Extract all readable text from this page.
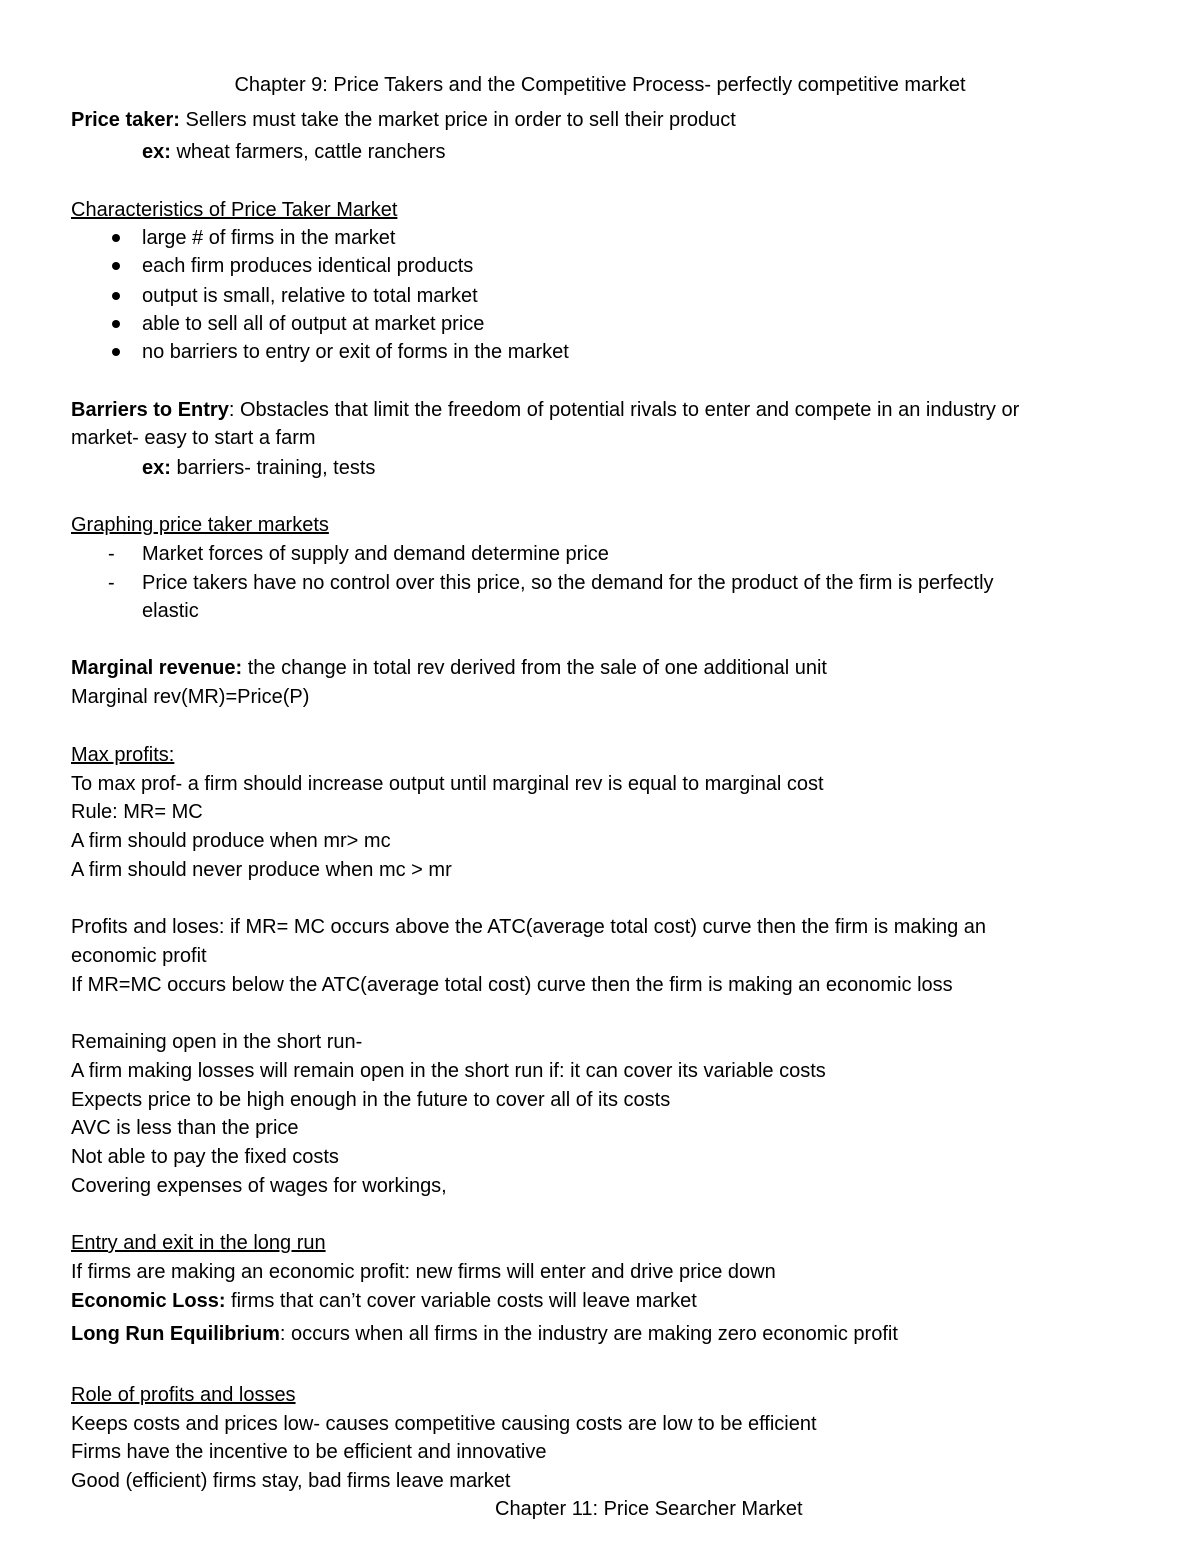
Chapter 9: Price Takers and the Competitive Process- perfectly competitive market
Price taker: Sellers must take the market price in order to sell their product
ex: wheat farmers, cattle ranchers
Characteristics of Price Taker Market
large # of firms in the market
each firm produces identical products
output is small, relative to total market
able to sell all of output at market price
no barriers to entry or exit of forms in the market
Barriers to Entry: Obstacles that limit the freedom of potential rivals to enter and compete in an industry or
market- easy to start a farm
ex: barriers- training, tests
Graphing price taker markets
- Market forces of supply and demand determine price
- Price takers have no control over this price, so the demand for the product of the firm is perfectly
elastic
Marginal revenue: the change in total rev derived from the sale of one additional unit
Marginal rev(MR)=Price(P)
Max profits:
To max prof- a firm should increase output until marginal rev is equal to marginal cost
Rule: MR= MC
A firm should produce when mr> mc
A firm should never produce when mc > mr
Profits and loses: if MR= MC occurs above the ATC(average total cost) curve then the firm is making an
economic profit
If MR=MC occurs below the ATC(average total cost) curve then the firm is making an economic loss
Remaining open in the short run-
A firm making losses will remain open in the short run if: it can cover its variable costs
Expects price to be high enough in the future to cover all of its costs
AVC is less than the price
Not able to pay the fixed costs
Covering expenses of wages for workings,
Entry and exit in the long run
If firms are making an economic profit: new firms will enter and drive price down
Economic Loss: firms that can’t cover variable costs will leave market
Long Run Equilibrium: occurs when all firms in the industry are making zero economic profit
Role of profits and losses
Keeps costs and prices low- causes competitive causing costs are low to be efficient
Firms have the incentive to be efficient and innovative
Good (efficient) firms stay, bad firms leave market
Chapter 11: Price Searcher Market
